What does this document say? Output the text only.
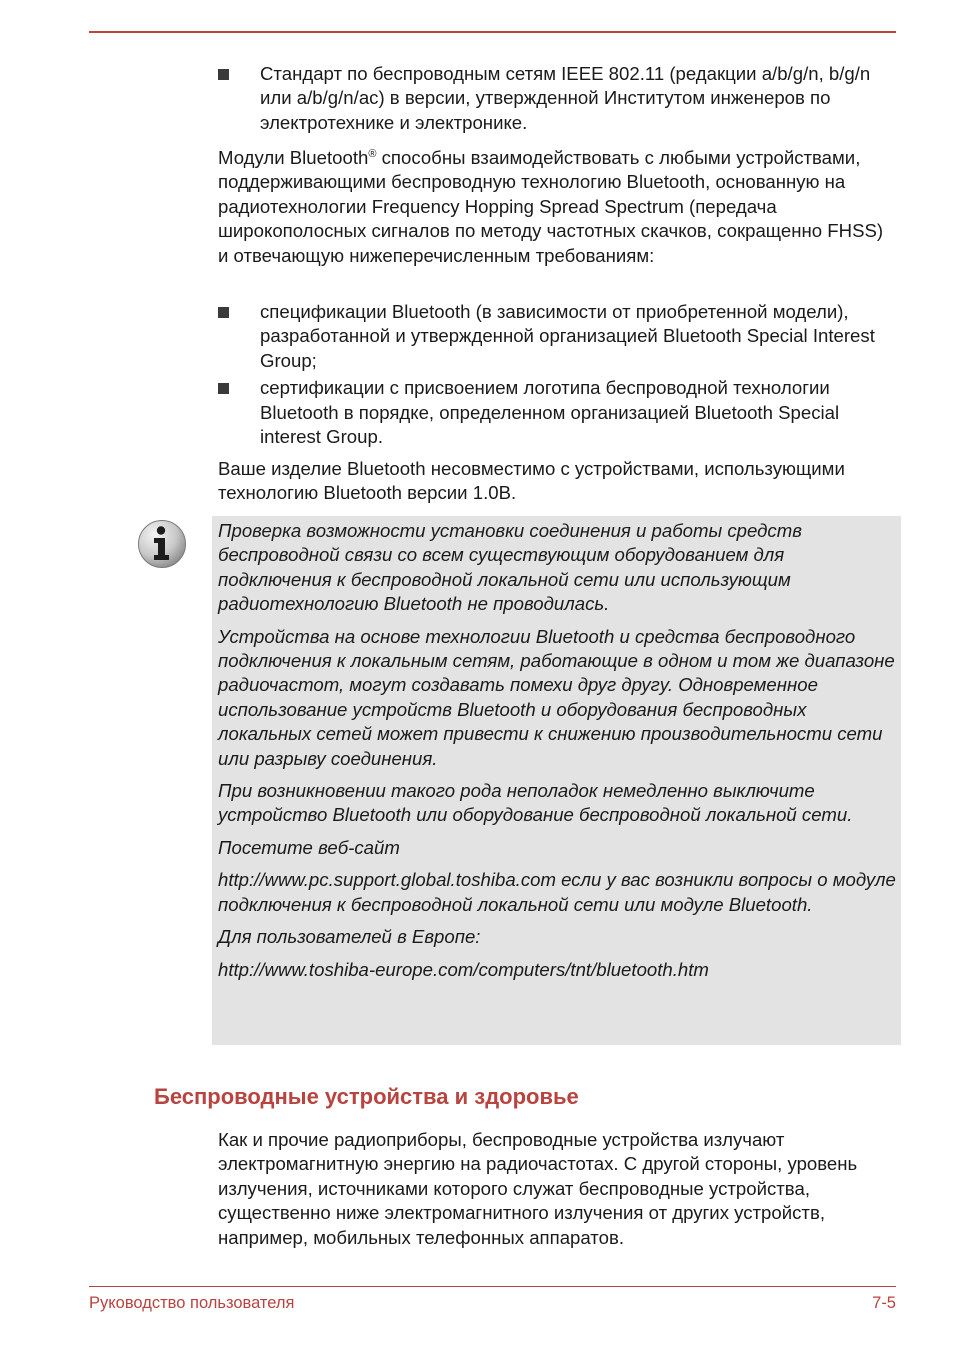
Стандарт по беспроводным сетям IEEE 802.11 (редакции a/b/g/n, b/g/n или a/b/g/n/ac) в версии, утвержденной Институтом инженеров по электротехнике и электронике.

Модули Bluetooth® способны взаимодействовать с любыми устройствами, поддерживающими беспроводную технологию Bluetooth, основанную на радиотехнологии Frequency Hopping Spread Spectrum (передача широкополосных сигналов по методу частотных скачков, сокращенно FHSS) и отвечающую нижеперечисленным требованиям:

спецификации Bluetooth (в зависимости от приобретенной модели), разработанной и утвержденной организацией Bluetooth Special Interest Group;
сертификации с присвоением логотипа беспроводной технологии Bluetooth в порядке, определенном организацией Bluetooth Special interest Group.

Ваше изделие Bluetooth несовместимо с устройствами, использующими технологию Bluetooth версии 1.0B.

Проверка возможности установки соединения и работы средств беспроводной связи со всем существующим оборудованием для подключения к беспроводной локальной сети или использующим радиотехнологию Bluetooth не проводилась.

Устройства на основе технологии Bluetooth и средства беспроводного подключения к локальным сетям, работающие в одном и том же диапазоне радиочастот, могут создавать помехи друг другу. Одновременное использование устройств Bluetooth и оборудования беспроводных локальных сетей может привести к снижению производительности сети или разрыву соединения.

При возникновении такого рода неполадок немедленно выключите устройство Bluetooth или оборудование беспроводной локальной сети.

Посетите веб-сайт

http://www.pc.support.global.toshiba.com если у вас возникли вопросы о модуле подключения к беспроводной локальной сети или модуле Bluetooth.

Для пользователей в Европе:

http://www.toshiba-europe.com/computers/tnt/bluetooth.htm

Беспроводные устройства и здоровье

Как и прочие радиоприборы, беспроводные устройства излучают электромагнитную энергию на радиочастотах. С другой стороны, уровень излучения, источниками которого служат беспроводные устройства, существенно ниже электромагнитного излучения от других устройств, например, мобильных телефонных аппаратов.

Руководство пользователя	7-5
